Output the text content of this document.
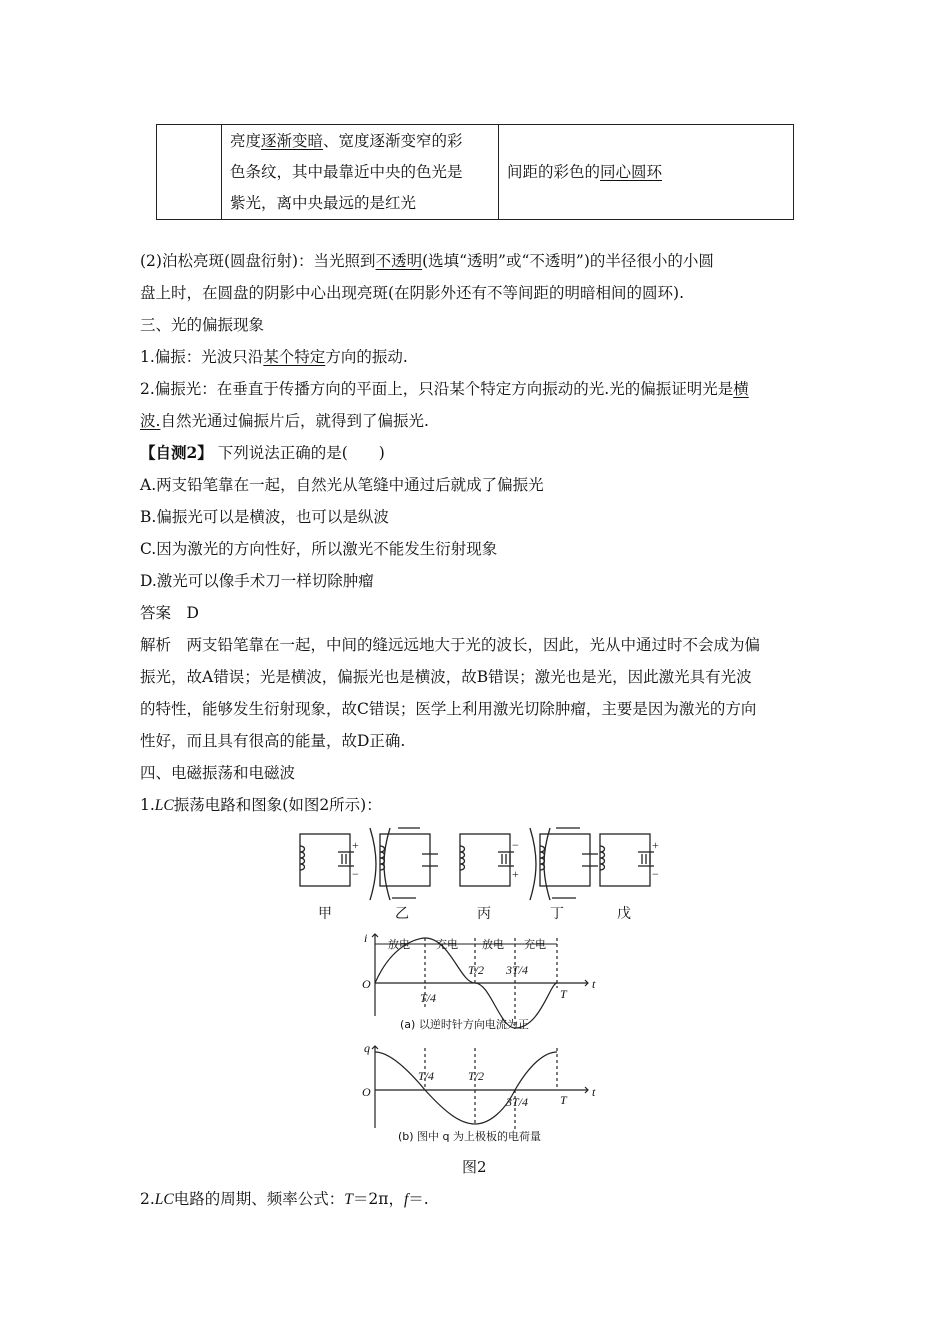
亮度逐渐变暗、宽度逐渐变窄的彩
色条纹，其中最靠近中央的色光是
紫光，离中央最远的是红光
	间距的彩色的同心圆环
(2)泊松亮斑(圆盘衍射)：当光照到不透明(选填“透明”或“不透明”)的半径很小的小圆
盘上时，在圆盘的阴影中心出现亮斑(在阴影外还有不等间距的明暗相间的圆环).
三、光的偏振现象
1.偏振：光波只沿某个特定方向的振动.
2.偏振光：在垂直于传播方向的平面上，只沿某个特定方向振动的光.光的偏振证明光是横
波.自然光通过偏振片后，就得到了偏振光.
【自测2】 下列说法正确的是(　　)
A.两支铅笔靠在一起，自然光从笔缝中通过后就成了偏振光
B.偏振光可以是横波，也可以是纵波
C.因为激光的方向性好，所以激光不能发生衍射现象
D.激光可以像手术刀一样切除肿瘤
答案　D
解析　两支铅笔靠在一起，中间的缝远远地大于光的波长，因此，光从中通过时不会成为偏
振光，故A错误；光是横波，偏振光也是横波，故B错误；激光也是光，因此激光具有光波
的特性，能够发生衍射现象，故C错误；医学上利用激光切除肿瘤，主要是因为激光的方向
性好，而且具有很高的能量，故D正确.
四、电磁振荡和电磁波
1.LC振荡电路和图象(如图2所示)：
+
−
−
+
+
−
甲	乙	丙	丁	戊
i
t
O
放电 充电 放电 充电
T/4
T/2 3T/4
T
(a) 以逆时针方向电流为正
q
t
O
T/4	T/2
3T/4	T
(b) 图中 q 为上极板的电荷量
图2
2.LC电路的周期、频率公式：T＝2π，f＝.
